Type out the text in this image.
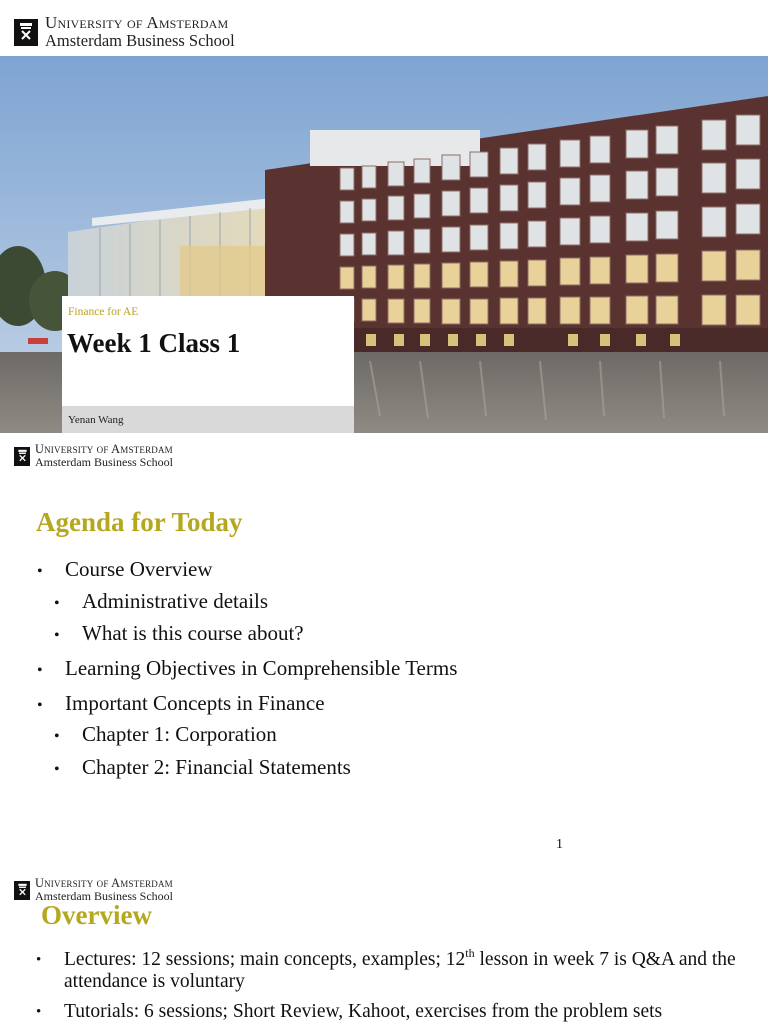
University of Amsterdam
Amsterdam Business School
Finance for AE
Week 1 Class 1
Yenan Wang
University of Amsterdam
Amsterdam Business School
Agenda for Today
• Course Overview
• Administrative details
• What is this course about?
• Learning Objectives in Comprehensible Terms
• Important Concepts in Finance
• Chapter 1: Corporation
• Chapter 2: Financial Statements
1
University of Amsterdam
Amsterdam Business School
Overview
• Lectures: 12 sessions; main concepts, examples; 12th lesson in week 7 is Q&A and the attendance is voluntary
• Tutorials: 6 sessions; Short Review, Kahoot, exercises from the problem sets
